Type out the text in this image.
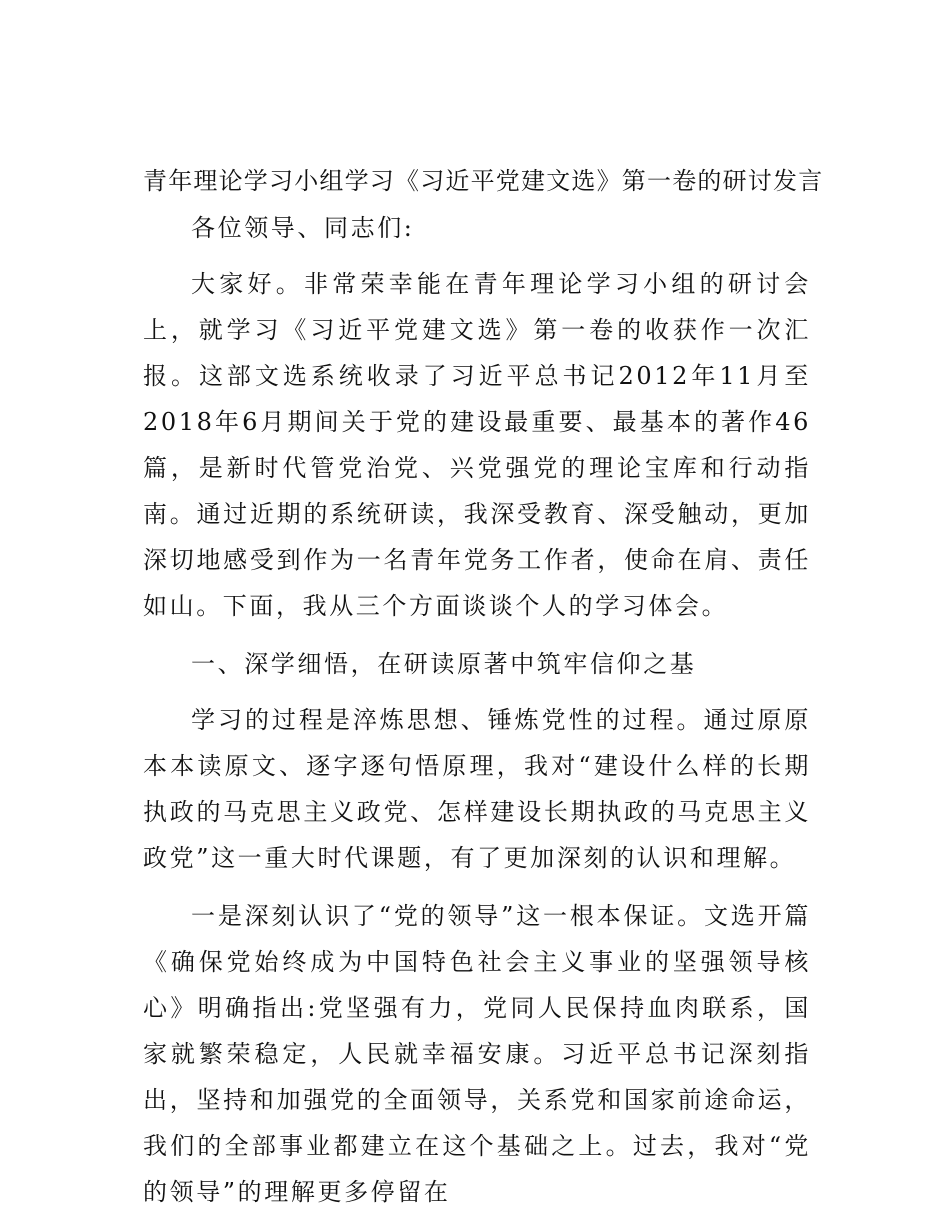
青年理论学习小组学习《习近平党建文选》第一卷的研讨发言

各位领导、同志们:

大家好。非常荣幸能在青年理论学习小组的研讨会上，就学习《习近平党建文选》第一卷的收获作一次汇报。这部文选系统收录了习近平总书记2012年11月至2018年6月期间关于党的建设最重要、最基本的著作46篇，是新时代管党治党、兴党强党的理论宝库和行动指南。通过近期的系统研读，我深受教育、深受触动，更加深切地感受到作为一名青年党务工作者，使命在肩、责任如山。下面，我从三个方面谈谈个人的学习体会。

一、深学细悟，在研读原著中筑牢信仰之基

学习的过程是淬炼思想、锤炼党性的过程。通过原原本本读原文、逐字逐句悟原理，我对“建设什么样的长期执政的马克思主义政党、怎样建设长期执政的马克思主义政党”这一重大时代课题，有了更加深刻的认识和理解。

一是深刻认识了“党的领导”这一根本保证。文选开篇《确保党始终成为中国特色社会主义事业的坚强领导核心》明确指出:党坚强有力，党同人民保持血肉联系，国家就繁荣稳定，人民就幸福安康。习近平总书记深刻指出，坚持和加强党的全面领导，关系党和国家前途命运，我们的全部事业都建立在这个基础之上。过去，我对“党的领导”的理解更多停留在
